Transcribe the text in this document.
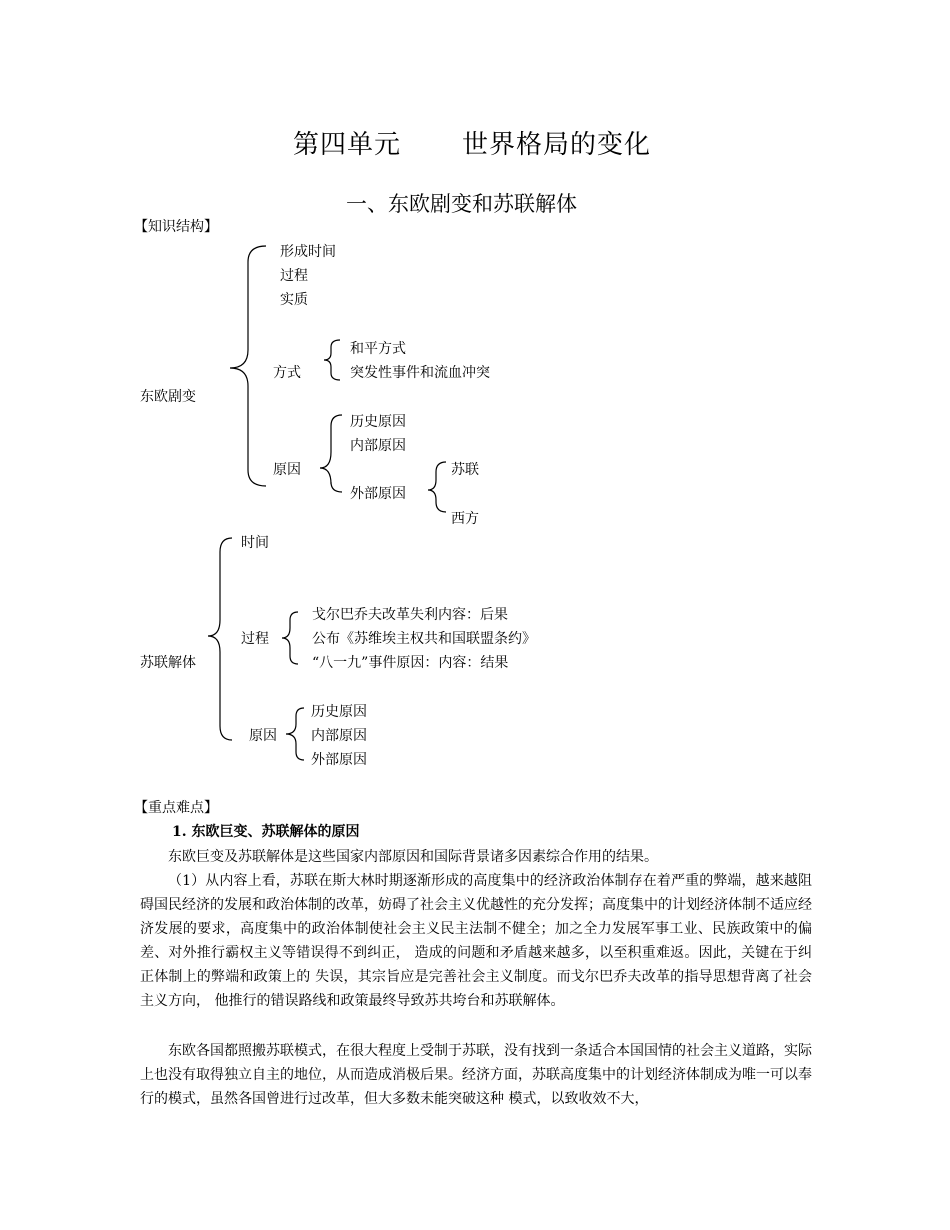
第四单元 世界格局的变化
一、东欧剧变和苏联解体
【知识结构】
东欧剧变
形成时间
过程
实质
方式
和平方式
突发性事件和流血冲突
原因
历史原因
内部原因
外部原因
苏联
西方
苏联解体
时间
过程
戈尔巴乔夫改革失利内容：后果
公布《苏维埃主权共和国联盟条约》
“八一九”事件原因：内容：结果
原因
历史原因
内部原因
外部原因
【重点难点】
1. 东欧巨变、苏联解体的原因
东欧巨变及苏联解体是这些国家内部原因和国际背景诸多因素综合作用的结果。
（1）从内容上看，苏联在斯大林时期逐渐形成的高度集中的经济政治体制存在着严重的弊端，越来越阻碍国民经济的发展和政治体制的改革，妨碍了社会主义优越性的充分发挥；高度集中的计划经济体制不适应经济发展的要求，高度集中的政治体制使社会主义民主法制不健全；加之全力发展军事工业、民族政策中的偏差、对外推行霸权主义等错误得不到纠正， 造成的问题和矛盾越来越多，以至积重难返。因此，关键在于纠正体制上的弊端和政策上的 失误，其宗旨应是完善社会主义制度。而戈尔巴乔夫改革的指导思想背离了社会主义方向， 他推行的错误路线和政策最终导致苏共垮台和苏联解体。
东欧各国都照搬苏联模式，在很大程度上受制于苏联，没有找到一条适合本国国情的社会主义道路，实际上也没有取得独立自主的地位，从而造成消极后果。经济方面，苏联高度集中的计划经济体制成为唯一可以奉行的模式，虽然各国曾进行过改革，但大多数未能突破这种 模式，以致收效不大，
